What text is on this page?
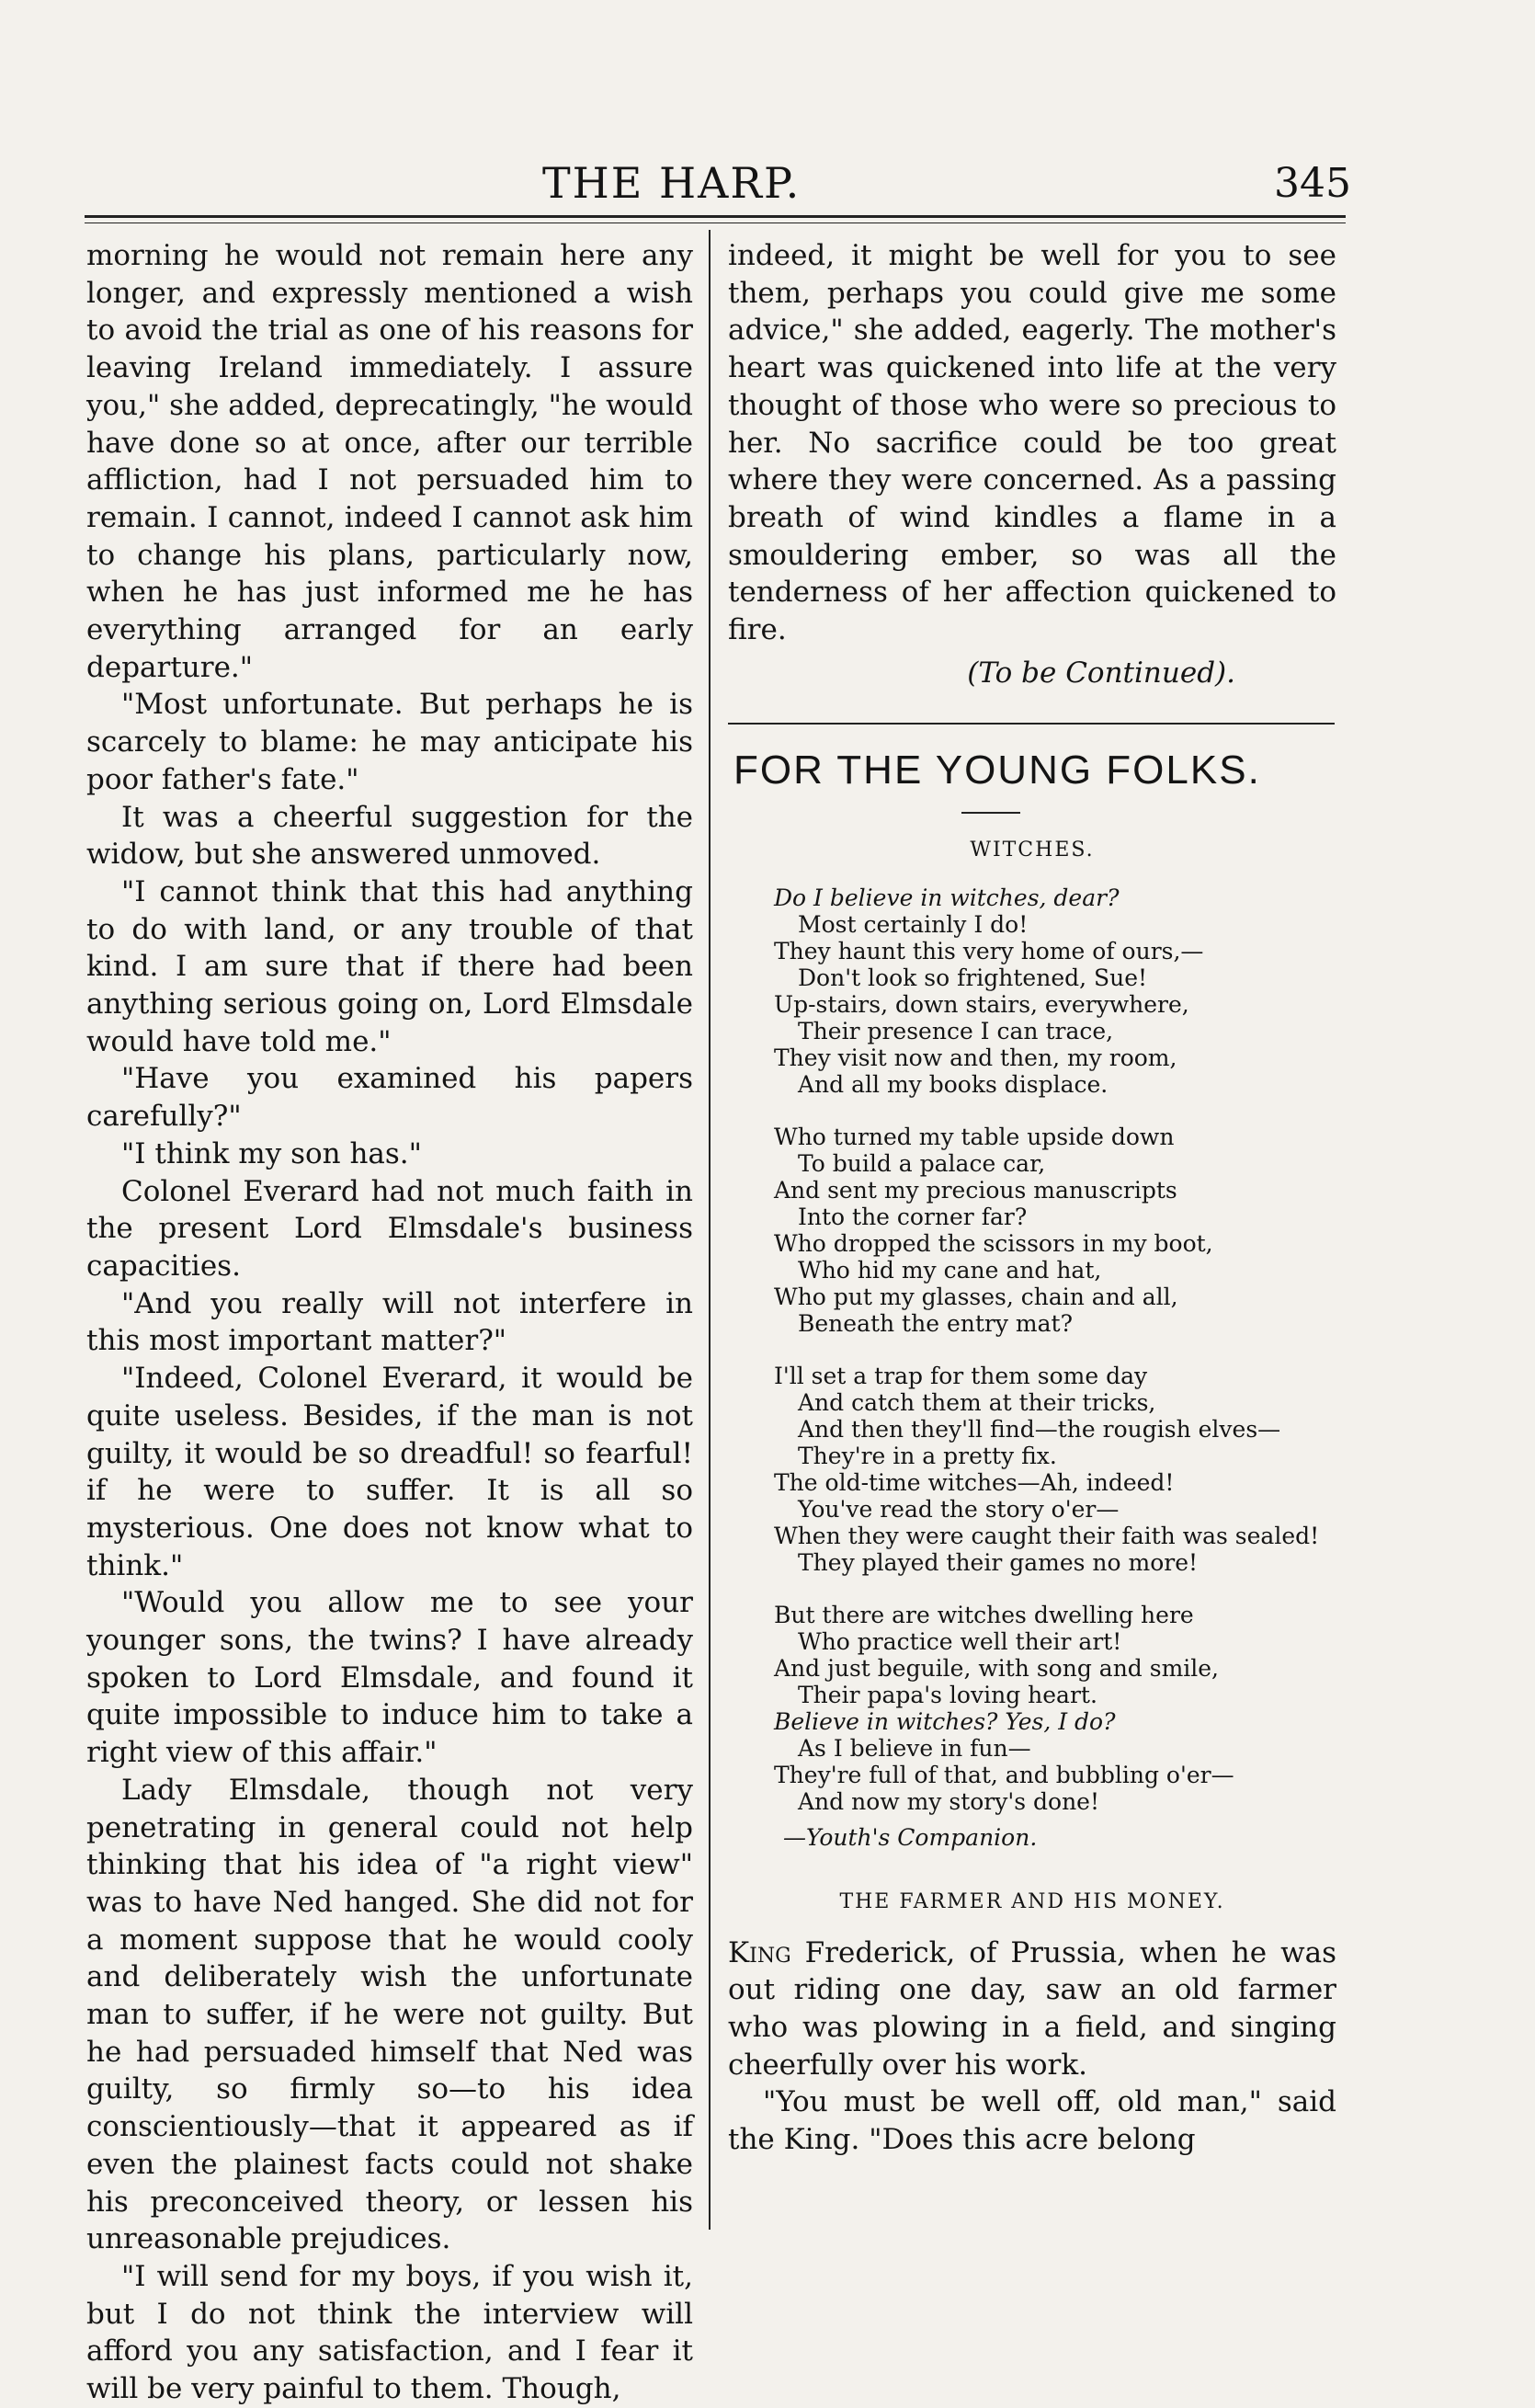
THE HARP.	345

morning he would not remain here any longer, and expressly mentioned a wish to avoid the trial as one of his reasons for leaving Ireland immediately. I assure you," she added, deprecatingly, "he would have done so at once, after our terrible affliction, had I not persuaded him to remain. I cannot, indeed I cannot ask him to change his plans, particularly now, when he has just informed me he has everything arranged for an early departure."

"Most unfortunate. But perhaps he is scarcely to blame: he may anticipate his poor father's fate."

It was a cheerful suggestion for the widow, but she answered unmoved.

"I cannot think that this had anything to do with land, or any trouble of that kind. I am sure that if there had been anything serious going on, Lord Elmsdale would have told me."

"Have you examined his papers carefully?"

"I think my son has."

Colonel Everard had not much faith in the present Lord Elmsdale's business capacities.

"And you really will not interfere in this most important matter?"

"Indeed, Colonel Everard, it would be quite useless. Besides, if the man is not guilty, it would be so dreadful! so fearful! if he were to suffer. It is all so mysterious. One does not know what to think."

"Would you allow me to see your younger sons, the twins? I have already spoken to Lord Elmsdale, and found it quite impossible to induce him to take a right view of this affair."

Lady Elmsdale, though not very penetrating in general could not help thinking that his idea of "a right view" was to have Ned hanged. She did not for a moment suppose that he would cooly and deliberately wish the unfortunate man to suffer, if he were not guilty. But he had persuaded himself that Ned was guilty, so firmly so—to his idea conscientiously—that it appeared as if even the plainest facts could not shake his preconceived theory, or lessen his unreasonable prejudices.

"I will send for my boys, if you wish it, but I do not think the interview will afford you any satisfaction, and I fear it will be very painful to them. Though,

indeed, it might be well for you to see them, perhaps you could give me some advice," she added, eagerly. The mother's heart was quickened into life at the very thought of those who were so precious to her. No sacrifice could be too great where they were concerned. As a passing breath of wind kindles a flame in a smouldering ember, so was all the tenderness of her affection quickened to fire.

(To be Continued).
FOR THE YOUNG FOLKS.
WITCHES.
Do I believe in witches, dear?
Most certainly I do!
They haunt this very home of ours,—
Don't look so frightened, Sue!
Up-stairs, down stairs, everywhere,
Their presence I can trace,
They visit now and then, my room,
And all my books displace.
Who turned my table upside down
To build a palace car,
And sent my precious manuscripts
Into the corner far?
Who dropped the scissors in my boot,
Who hid my cane and hat,
Who put my glasses, chain and all,
Beneath the entry mat?
I'll set a trap for them some day
And catch them at their tricks,
And then they'll find—the rougish elves—
They're in a pretty fix.
The old-time witches—Ah, indeed!
You've read the story o'er—
When they were caught their faith was sealed!
They played their games no more!
But there are witches dwelling here
Who practice well their art!
And just beguile, with song and smile,
Their papa's loving heart.
Believe in witches? Yes, I do?
As I believe in fun—
They're full of that, and bubbling o'er—
And now my story's done!
—Youth's Companion.
THE FARMER AND HIS MONEY.
King Frederick, of Prussia, when he was out riding one day, saw an old farmer who was plowing in a field, and singing cheerfully over his work.
"You must be well off, old man," said the King. "Does this acre belong
